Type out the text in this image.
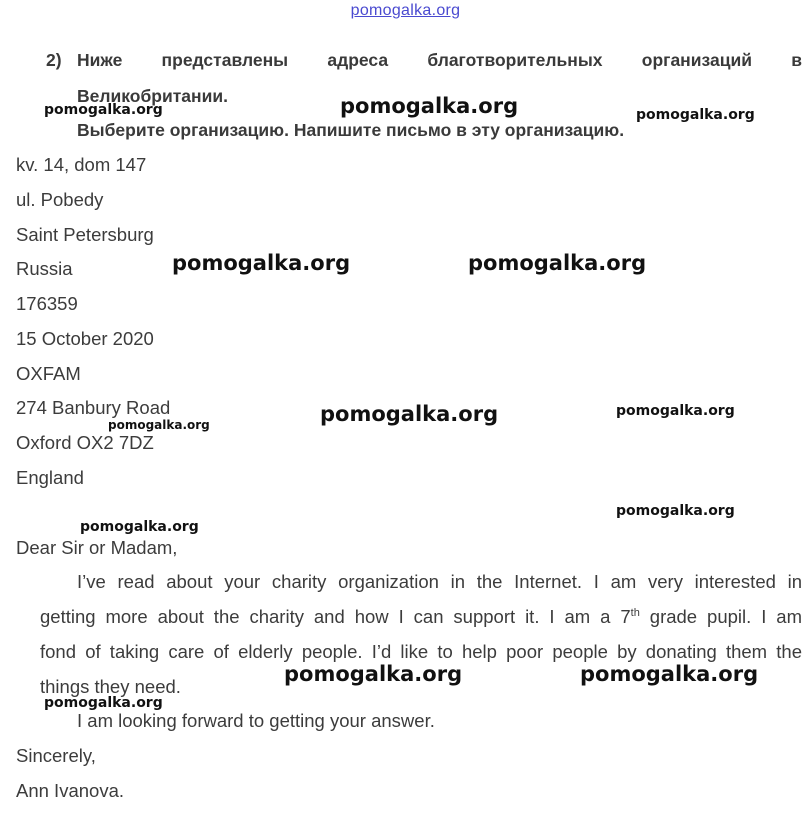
pomogalka.org
2) Ниже представлены адреса благотворительных организаций в
Великобритании.
Выберите организацию. Напишите письмо в эту организацию.
kv. 14, dom 147
ul. Pobedy
Saint Petersburg
Russia
176359
15 October 2020
OXFAM
274 Banbury Road
Oxford OX2 7DZ
England
Dear Sir or Madam,
I’ve read about your charity organization in the Internet. I am very interested in
getting more about the charity and how I can support it. I am a 7th grade pupil. I am
fond of taking care of elderly people. I’d like to help poor people by donating them the
things they need.
I am looking forward to getting your answer.
Sincerely,
Ann Ivanova.
pomogalka.org	pomogalka.org	pomogalka.org
pomogalka.org	pomogalka.org
pomogalka.org	pomogalka.org
pomogalka.org
pomogalka.org
pomogalka.org
pomogalka.org	pomogalka.org
pomogalka.org
